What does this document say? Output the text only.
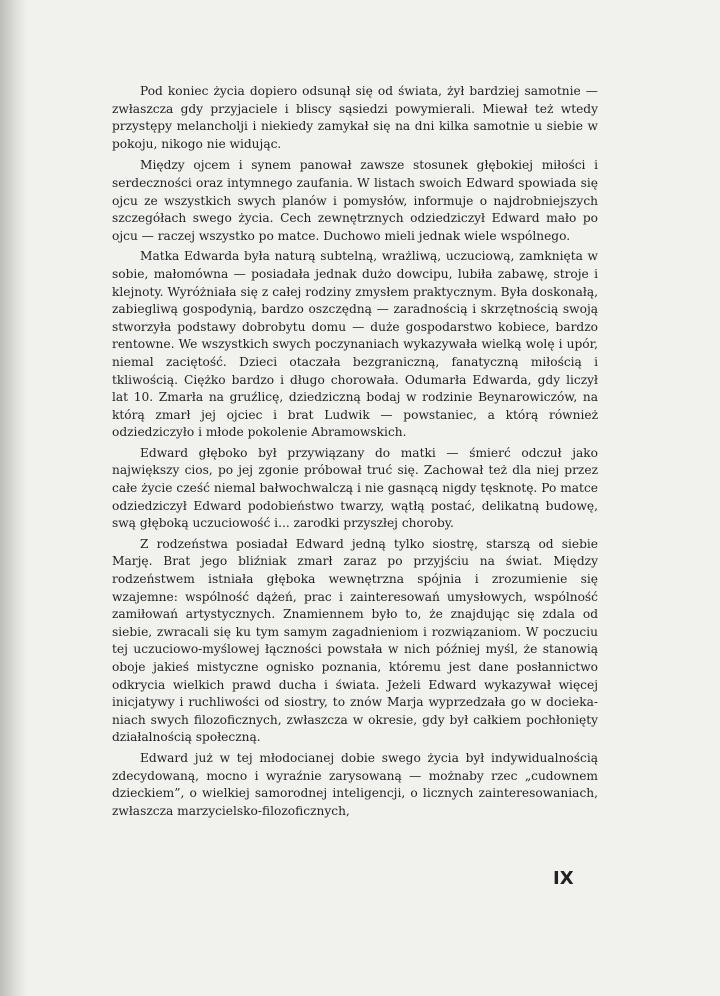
Pod koniec życia dopiero odsunął się od świata, żył bardziej samotnie — zwłaszcza gdy przyjaciele i bliscy sąsiedzi powymierali. Miewał też wtedy przystępy melancholji i niekiedy zamykał się na dni kilka samotnie u siebie w pokoju, nikogo nie widując.

Między ojcem i synem panował zawsze stosunek głębokiej miłości i serdeczności oraz intymnego zaufania. W listach swoich Edward spowiada się ojcu ze wszystkich swych planów i pomysłów, informuje o najdrobniejszych szczegółach swego życia. Cech zewnętrznych odziedziczył Edward mało po ojcu — raczej wszystko po matce. Duchowo mieli jednak wiele wspólnego.

Matka Edwarda była naturą subtelną, wrażliwą, uczuciową, zamknięta w sobie, małomówna — posiadała jednak dużo dowcipu, lubiła zabawę, stroje i klejnoty. Wyróżniała się z całej rodziny zmysłem praktycznym. Była doskonałą, zabiegliwą gospodynią, bardzo oszczędną — zaradnością i skrzętnością swoją stworzyła podstawy dobrobytu domu — duże gospodarstwo kobiece, bardzo rentowne. We wszystkich swych poczynaniach wykazywała wielką wolę i upór, niemal zaciętość. Dzieci otaczała bezgraniczną, fanatyczną miłością i tkliwością. Ciężko bardzo i długo chorowała. Odumarła Edwarda, gdy liczył lat 10. Zmarła na gruźlicę, dziedziczną bodaj w rodzinie Beynarowiczów, na którą zmarł jej ojciec i brat Ludwik — powstaniec, a którą również odziedziczyło i młode pokolenie Abramowskich.

Edward głęboko był przywiązany do matki — śmierć odczuł jako największy cios, po jej zgonie próbował truć się. Zachował też dla niej przez całe życie cześć niemal bałwochwalczą i nie gasnącą nigdy tęsknotę. Po matce odziedziczył Edward podobieństwo twarzy, wątłą postać, delikatną budowę, swą głęboką uczuciowość i... zarodki przyszłej choroby.

Z rodzeństwa posiadał Edward jedną tylko siostrę, starszą od siebie Marję. Brat jego bliźniak zmarł zaraz po przyjściu na świat. Między rodzeństwem istniała głęboka wewnętrzna spójnia i zrozumienie się wzajemne: wspólność dążeń, prac i zainteresowań umysłowych, wspólność zamiłowań artystycznych. Znamiennem było to, że znajdując się zdala od siebie, zwracali się ku tym samym zagadnieniom i rozwiązaniom. W poczuciu tej uczuciowo-myślowej łączności powstała w nich później myśl, że stanowią oboje jakieś mistyczne ognisko poznania, któremu jest dane posłannictwo odkrycia wielkich prawd ducha i świata. Jeżeli Edward wykazywał więcej inicjatywy i ruchliwości od siostry, to znów Marja wyprzedzała go w dociekaniach swych filozoficznych, zwłaszcza w okresie, gdy był całkiem pochłonięty działalnością społeczną.

Edward już w tej młodocianej dobie swego życia był indywidualnością zdecydowaną, mocno i wyraźnie zarysowaną — możnaby rzec „cudownem dzieckiem”, o wielkiej samorodnej inteligencji, o licznych zainteresowaniach, zwłaszcza marzycielsko-filozoficznych,

IX
